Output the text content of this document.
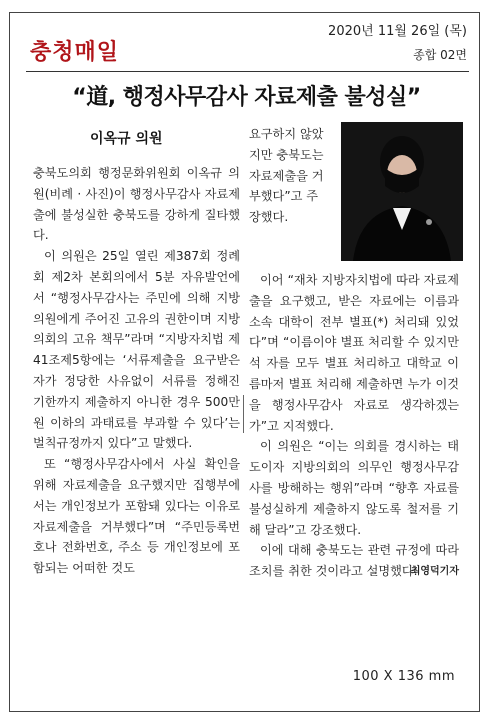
2020년 11월 26일 (목)
충청매일	종합 02면
“道, 행정사무감사 자료제출 불성실”
이옥규 의원

충북도의회 행정문화위원회 이옥규 의원(비례 · 사진)이 행정사무감사 자료제출에 불성실한 충북도를 강하게 질타했다.

이 의원은 25일 열린 제387회 정례회 제2차 본회의에서 5분 자유발언에서 “행정사무감사는 주민에 의해 지방의원에게 주어진 고유의 권한이며 지방의회의 고유 책무”라며 “지방자치법 제41조제5항에는 ‘서류제출을 요구받은 자가 정당한 사유없이 서류를 정해진 기한까지 제출하지 아니한 경우 500만원 이하의 과태료를 부과할 수 있다’는 벌칙규정까지 있다”고 말했다.

또 “행정사무감사에서 사실 확인을 위해 자료제출을 요구했지만 집행부에서는 개인정보가 포함돼 있다는 이유로 자료제출을 거부했다”며 “주민등록번호나 전화번호, 주소 등 개인정보에 포함되는 어떠한 것도

요구하지 않았지만 충북도는 자료제출을 거부했다”고 주장했다.

이어 “재차 지방자치법에 따라 자료제출을 요구했고, 받은 자료에는 이름과 소속 대학이 전부 별표(*) 처리돼 있었다”며 “이름이야 별표 처리할 수 있지만 석 자를 모두 별표 처리하고 대학교 이름마저 별표 처리해 제출하면 누가 이것을 행정사무감사 자료로 생각하겠는가”고 지적했다.

이 의원은 “이는 의회를 경시하는 태도이자 지방의회의 의무인 행정사무감사를 방해하는 행위”라며 “향후 자료를 불성실하게 제출하지 않도록 철저를 기해 달라”고 강조했다.

이에 대해 충북도는 관련 규정에 따라 조치를 취한 것이라고 설명했다.

최영덕기자
100 X 136 mm
